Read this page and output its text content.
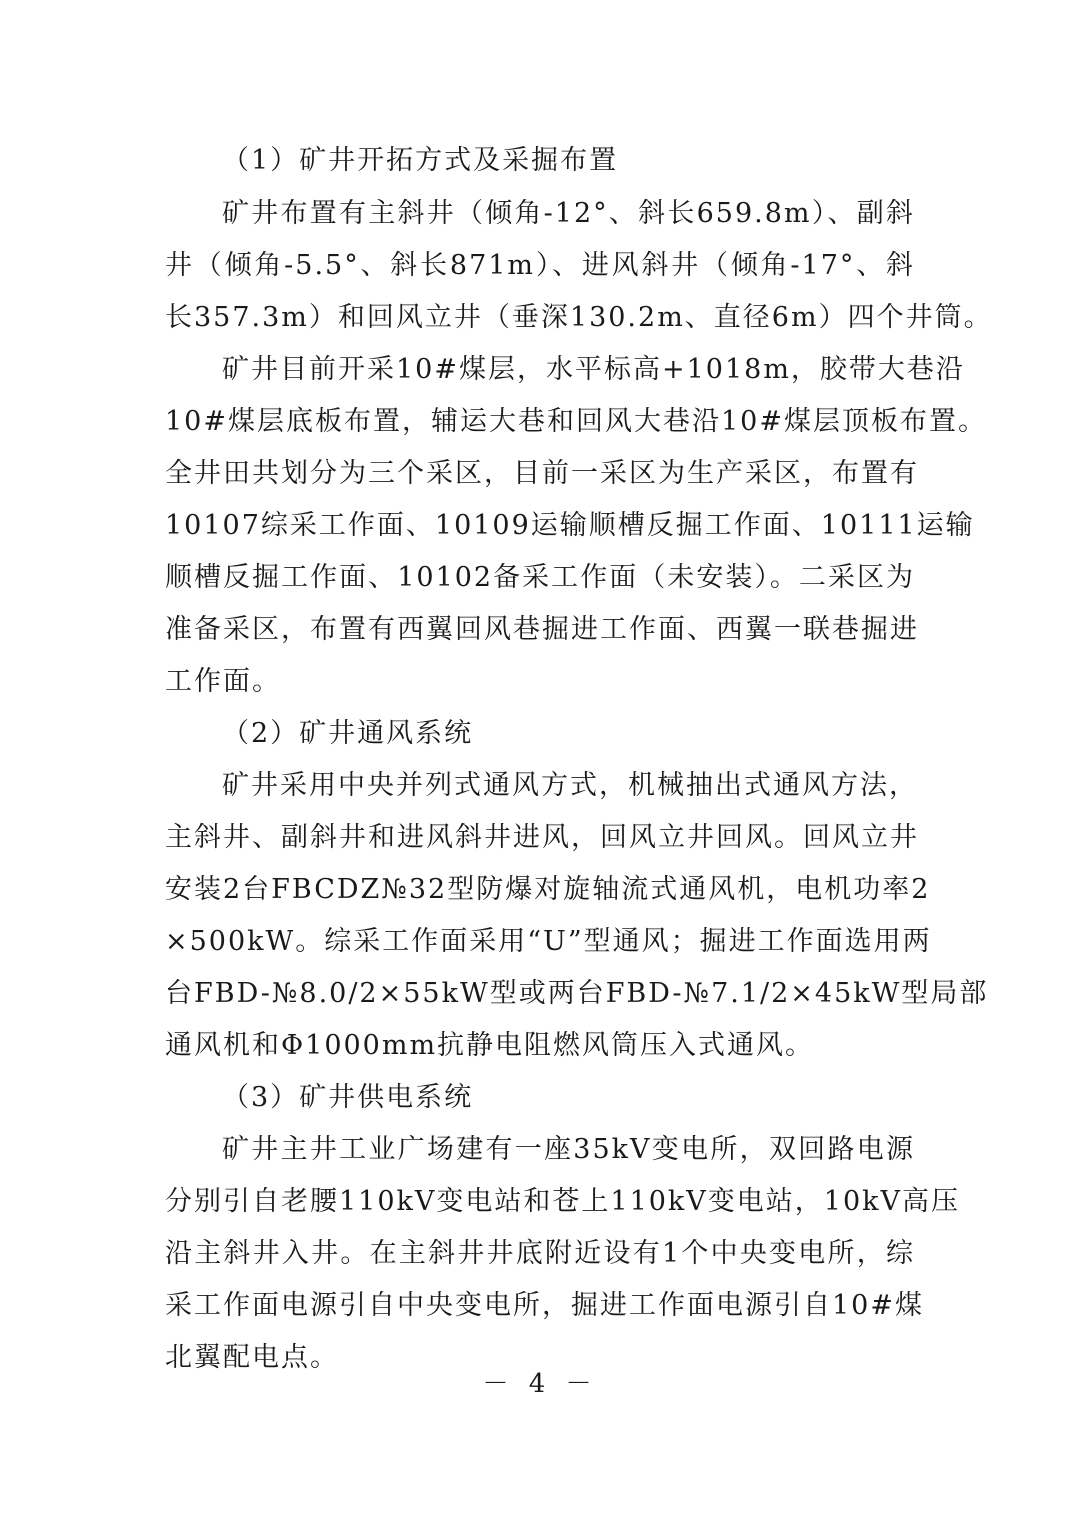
（1）矿井开拓方式及采掘布置
矿井布置有主斜井（倾角-12°、斜长659.8m）、副斜
井（倾角-5.5°、斜长871m）、进风斜井（倾角-17°、斜
长357.3m）和回风立井（垂深130.2m、直径6m）四个井筒。
矿井目前开采10#煤层，水平标高+1018m，胶带大巷沿
10#煤层底板布置，辅运大巷和回风大巷沿10#煤层顶板布置。
全井田共划分为三个采区，目前一采区为生产采区，布置有
10107综采工作面、10109运输顺槽反掘工作面、10111运输
顺槽反掘工作面、10102备采工作面（未安装）。二采区为
准备采区，布置有西翼回风巷掘进工作面、西翼一联巷掘进
工作面。
（2）矿井通风系统
矿井采用中央并列式通风方式，机械抽出式通风方法，
主斜井、副斜井和进风斜井进风，回风立井回风。回风立井
安装2台FBCDZ№32型防爆对旋轴流式通风机，电机功率2
×500kW。综采工作面采用“U”型通风；掘进工作面选用两
台FBD-№8.0/2×55kW型或两台FBD-№7.1/2×45kW型局部
通风机和Φ1000mm抗静电阻燃风筒压入式通风。
（3）矿井供电系统
矿井主井工业广场建有一座35kV变电所，双回路电源
分别引自老腰110kV变电站和苍上110kV变电站，10kV高压
沿主斜井入井。在主斜井井底附近设有1个中央变电所，综
采工作面电源引自中央变电所，掘进工作面电源引自10#煤
北翼配电点。
－ 4 －
